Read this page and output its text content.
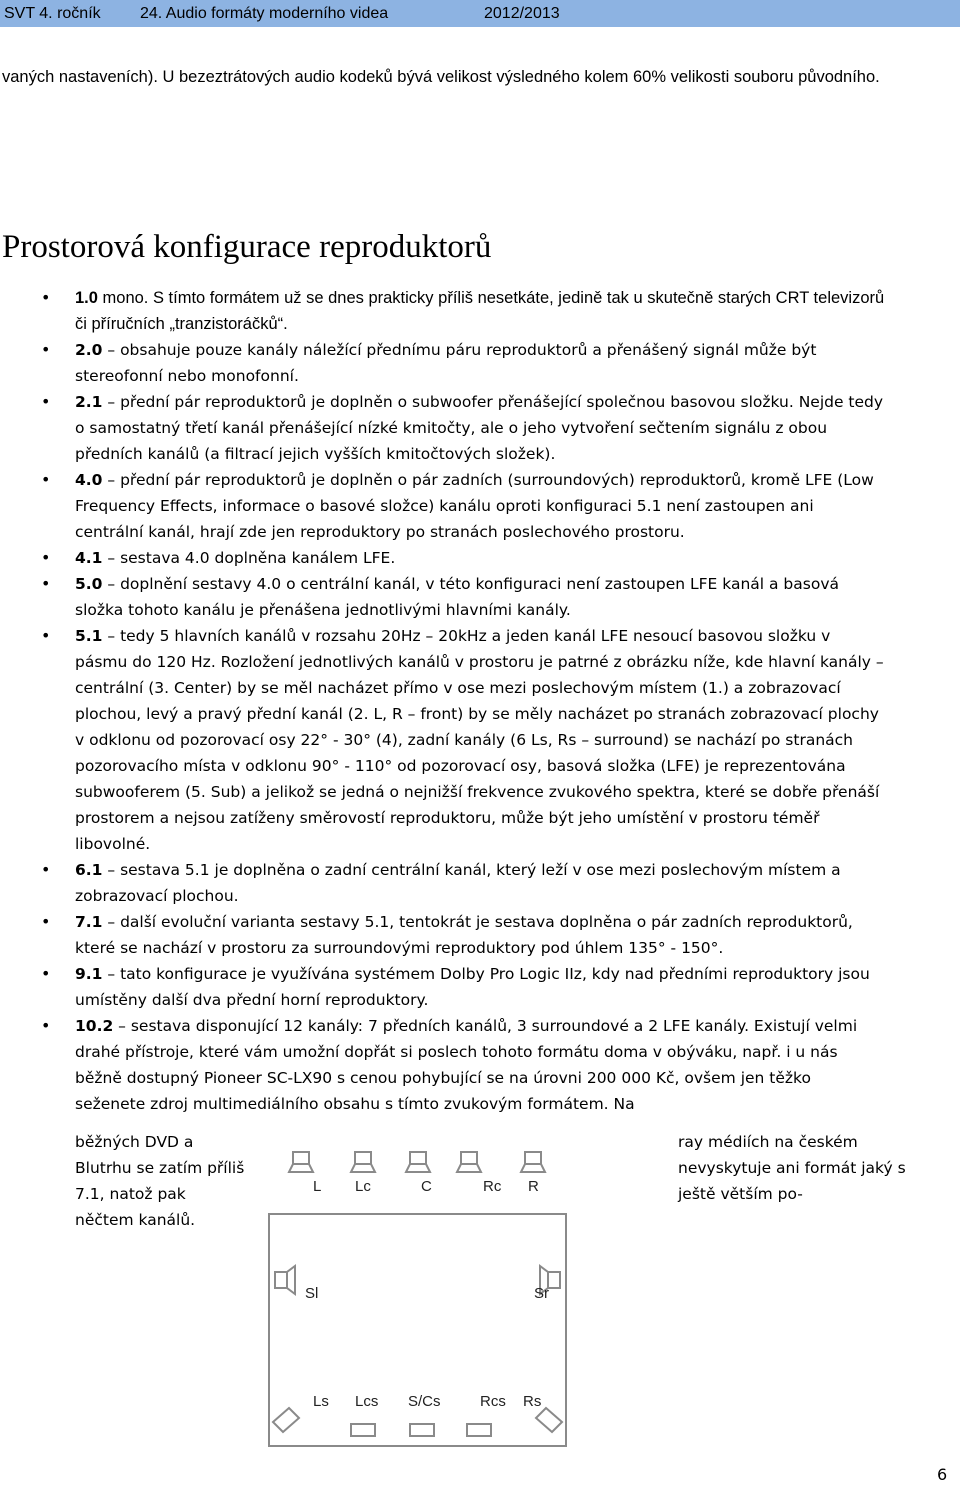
SVT 4. ročník 24. Audio formáty moderního videa	2012/2013

vaných nastaveních). U bezeztrátových audio kodeků bývá velikost výsledného kolem 60% velikosti souboru původního.

Prostorová konfigurace reproduktorů
• 1.0 mono. S tímto formátem už se dnes prakticky příliš nesetkáte, jedině tak u skutečně starých CRT televizorů či příručních „tranzistoráčků“.
• 2.0 – obsahuje pouze kanály náležící přednímu páru reproduktorů a přenášený signál může být stereofonní nebo monofonní.
• 2.1 – přední pár reproduktorů je doplněn o subwoofer přenášející společnou basovou složku. Nejde tedy o samostatný třetí kanál přenášející nízké kmitočty, ale o jeho vytvoření sečtením signálu z obou předních kanálů (a filtrací jejich vyšších kmitočtových složek).
• 4.0 – přední pár reproduktorů je doplněn o pár zadních (surroundových) reproduktorů, kromě LFE (Low Frequency Effects, informace o basové složce) kanálu oproti konfiguraci 5.1 není zastoupen ani centrální kanál, hrají zde jen reproduktory po stranách poslechového prostoru.
• 4.1 – sestava 4.0 doplněna kanálem LFE.
• 5.0 – doplnění sestavy 4.0 o centrální kanál, v této konfiguraci není zastoupen LFE kanál a basová složka tohoto kanálu je přenášena jednotlivými hlavními kanály.
• 5.1 – tedy 5 hlavních kanálů v rozsahu 20Hz – 20kHz a jeden kanál LFE nesoucí basovou složku v pásmu do 120 Hz. Rozložení jednotlivých kanálů v prostoru je patrné z obrázku níže, kde hlavní kanály – centrální (3. Center) by se měl nacházet přímo v ose mezi poslechovým místem (1.) a zobrazovací plochou, levý a pravý přední kanál (2. L, R – front) by se měly nacházet po stranách zobrazovací plochy v odklonu od pozorovací osy 22° - 30° (4), zadní kanály (6 Ls, Rs – surround) se nachází po stranách pozorovacího místa v odklonu 90° - 110° od pozorovací osy, basová složka (LFE) je reprezentována subwooferem (5. Sub) a jelikož se jedná o nejnižší frekvence zvukového spektra, které se dobře přenáší prostorem a nejsou zatíženy směrovostí reproduktoru, může být jeho umístění v prostoru téměř libovolné.
• 6.1 – sestava 5.1 je doplněna o zadní centrální kanál, který leží v ose mezi poslechovým místem a zobrazovací plochou.
• 7.1 – další evoluční varianta sestavy 5.1, tentokrát je sestava doplněna o pár zadních reproduktorů, které se nachází v prostoru za surroundovými reproduktory pod úhlem 135° - 150°.
• 9.1 – tato konfigurace je využívána systémem Dolby Pro Logic IIz, kdy nad předními reproduktory jsou umístěny další dva přední horní reproduktory.
• 10.2 – sestava disponující 12 kanály: 7 předních kanálů, 3 surroundové a 2 LFE kanály. Existují velmi drahé přístroje, které vám umožní dopřát si poslech tohoto formátu doma v obýváku, např. i u nás běžně dostupný Pioneer SC-LX90 s cenou pohybující se na úrovni 200 000 Kč, ovšem jen těžko seženete zdroj multimediálního obsahu s tímto zvukovým formátem. Na
běžných DVD a Blutrhu se zatím příliš 7.1, natož pak něčtem kanálů.
ray médiích na českém nevyskytuje ani formát jaký s ještě větším po-
L Lc	C	Rc R
Sl	Sr
Ls Lcs S/Cs	Rcs Rs
6
